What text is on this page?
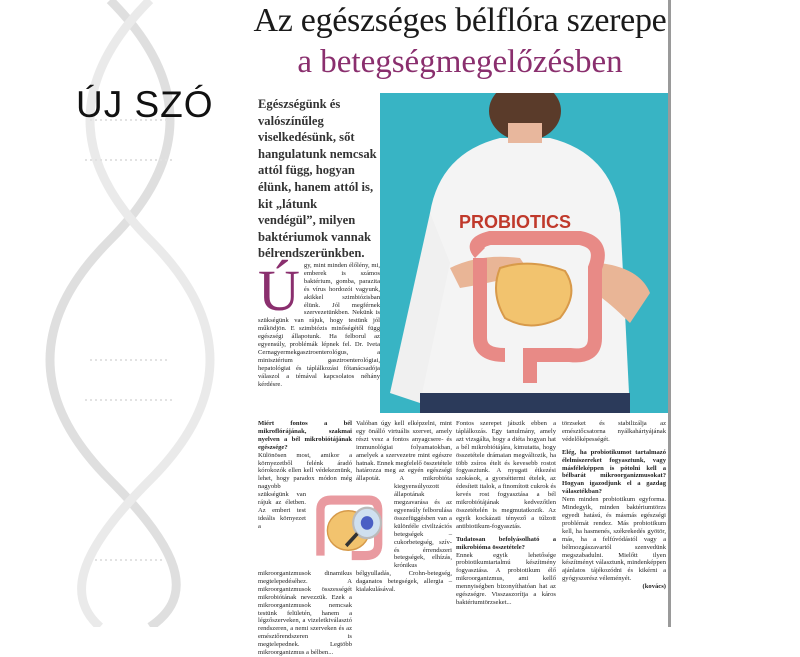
ÚJ SZÓ
Az egészséges bélflóra szerepe
a betegségmegelőzésben
Egészségünk és valószínűleg viselkedésünk, sőt hangulatunk nemcsak attól függ, hogyan élünk, hanem attól is, kit „látunk vendégül”, milyen baktériumok vannak bélrendszerünkben.
PROBIOTICS
Úgy, mint minden élőlény, mi, emberek is számos baktérium, gomba, parazita és vírus hordozói vagyunk, akikkel szimbiózisban élünk. Jól megférnek szervezetünkben. Nekünk is szükségünk van rájuk, hogy testünk jól működjön. E szimbiózis minőségétől függ egészségi állapotunk. Ha felborul az egyensúly, problémák lépnek fel. Dr. Iveta Cernagyermekgasztroenterológus, a minisztérium gasztroenterológiai, hepatológiai és táplálkozási főtanácsadója válaszol a témával kapcsolatos néhány kérdésre.
Miért fontos a bél mikroflórájának, szakmai nyelven a bél mikrobiótájának egészsége?
Különösen most, amikor a környezetből felénk áradó kórokozók ellen kell védekeznünk, lehet, hogy paradox módon még nagyobb szükségünk van rájuk az életben. Az emberi test ideális környezet a mikroorganizmusok dinamikus megtelepedéséhez. A mikroorganizmusok összességét mikrobiótának nevezzük. Ezek a mikroorganizmusok nemcsak testünk felületén, hanem a légzőszerveken, a vizeletkiválasztó rendszeren, a nemi szerveken és az emésztőrendszeren is megtelepednek. Legtöbb mikroorganizmus a bélben...
Valóban úgy kell elképzelni, mint egy önálló virtuális szervet, amely részt vesz a fontos anyagcsere- és immunológiai folyamatokban, amelyek a szervezetre mint egészre hatnak. Ennek megfelelő összetétele határozza meg az egyén egészségi állapotát. A mikrobióta kiegyensúlyozott állapotának megzavarása és az egyensúly felborulása összefüggésben van a különféle civilizációs betegségek – cukorbetegség, szív- és érrendszeri betegségek, elhízás, krónikus bélgyulladás, Crohn-betegség, daganatos betegségek, allergia – kialakulásával.

Fontos szerepet játszik ebben a táplálkozás. Egy tanulmány, amely azt vizsgálta, hogy a diéta hogyan hat a bél mikrobiótájára, kimutatta, hogy összetétele drámaian megváltozik, ha több zsíros ételt és kevesebb rostot fogyasztunk. A nyugati étkezési szokások, a gyorséttermi ételek, az édesített italok, a finomított cukrok és kevés rost fogyasztása a bél mikrobiótájának kedvezőtlen összetételén is megmutatkozik. Az egyik kockázati tényező a túlzott antibiotikum-fogyasztás.

Tudatosan befolyásolható a mikrobióma összetétele?
Ennek egyik lehetősége probiotikumtartalmú készítmény fogyasztása. A probiotikum élő mikroorganizmus, ami kellő mennyiségben bizonyíthatóan hat az egészségre. Visszaszorítja a káros baktériumtörzseket...

törzseket és stabilizálja az emésztőcsatorna nyálkahártyájának védelőképességét.

Elég, ha probiotikumot tartalmazó élelmiszereket fogyasztunk, vagy másféleképpen is pótolni kell a bélbarát mikroorganizmusokat? Hogyan igazodjunk el a gazdag választékban?
Nem minden probiotikum egyforma. Mindegyik, minden baktériumtörzs egyedi hatású, és másmás egészségi problémát rendez. Más probiotikum kell, ha hasmenés, székrekedés gyötör, más, ha a felfúvódástól vagy a bélmozgászavartól szenvedünk megszabadulni. Mielőtt ilyen készítményt választunk, mindenképpen ajánlatos tájékozódni és kikérni a gyógyszerész véleményét.
(kovács)
